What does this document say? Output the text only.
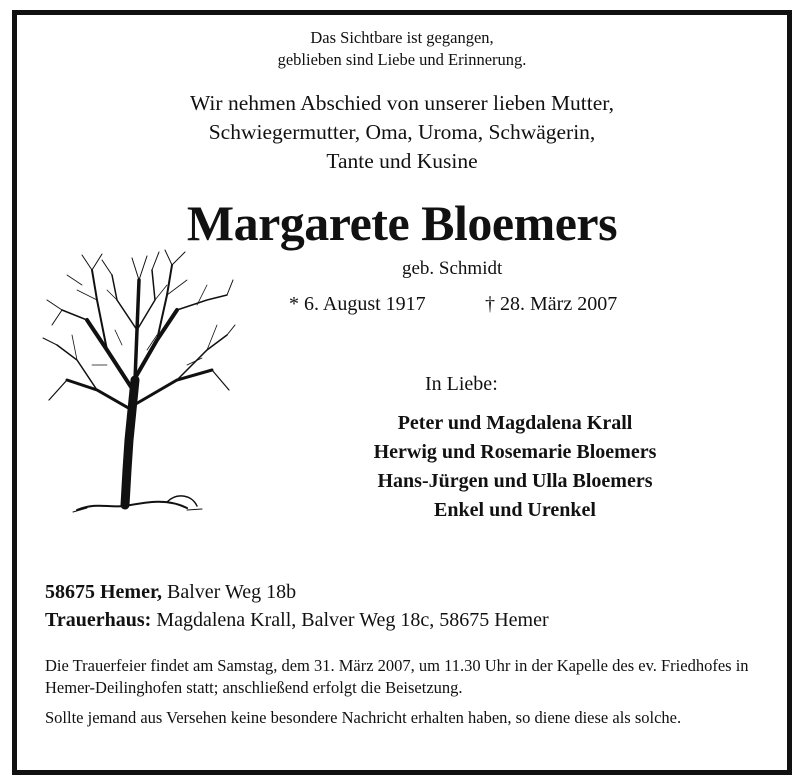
Das Sichtbare ist gegangen,
geblieben sind Liebe und Erinnerung.
Wir nehmen Abschied von unserer lieben Mutter,
Schwiegermutter, Oma, Uroma, Schwägerin,
Tante und Kusine
Margarete Bloemers
geb. Schmidt
* 6. August 1917	† 28. März 2007
In Liebe:
Peter und Magdalena Krall
Herwig und Rosemarie Bloemers
Hans-Jürgen und Ulla Bloemers
Enkel und Urenkel
58675 Hemer, Balver Weg 18b
Trauerhaus: Magdalena Krall, Balver Weg 18c, 58675 Hemer
Die Trauerfeier findet am Samstag, dem 31. März 2007, um 11.30 Uhr in der Kapelle des ev. Friedhofes in Hemer-Deilinghofen statt; anschließend erfolgt die Beisetzung.
Sollte jemand aus Versehen keine besondere Nachricht erhalten haben, so diene diese als solche.
